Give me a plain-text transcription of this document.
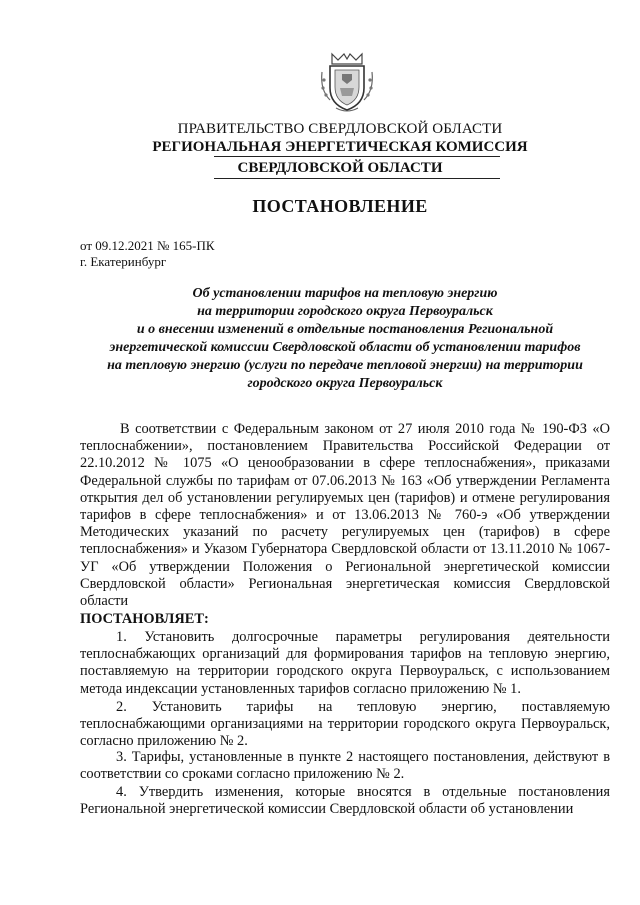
ПРАВИТЕЛЬСТВО СВЕРДЛОВСКОЙ ОБЛАСТИ
РЕГИОНАЛЬНАЯ ЭНЕРГЕТИЧЕСКАЯ КОМИССИЯ
СВЕРДЛОВСКОЙ ОБЛАСТИ
ПОСТАНОВЛЕНИЕ
от 09.12.2021 № 165-ПК
г. Екатеринбург
Об установлении тарифов на тепловую энергию
на территории городского округа Первоуральск
и о внесении изменений в отдельные постановления Региональной
энергетической комиссии Свердловской области об установлении тарифов
на тепловую энергию (услуги по передаче тепловой энергии) на территории
городского округа Первоуральск
В соответствии с Федеральным законом от 27 июля 2010 года № 190-ФЗ «О теплоснабжении», постановлением Правительства Российской Федерации от 22.10.2012 № 1075 «О ценообразовании в сфере теплоснабжения», приказами Федеральной службы по тарифам от 07.06.2013 № 163 «Об утверждении Регламента открытия дел об установлении регулируемых цен (тарифов) и отмене регулирования тарифов в сфере теплоснабжения» и от 13.06.2013 № 760-э «Об утверждении Методических указаний по расчету регулируемых цен (тарифов) в сфере теплоснабжения» и Указом Губернатора Свердловской области от 13.11.2010 № 1067-УГ «Об утверждении Положения о Региональной энергетической комиссии Свердловской области» Региональная энергетическая комиссия Свердловской области
ПОСТАНОВЛЯЕТ:
1. Установить долгосрочные параметры регулирования деятельности теплоснабжающих организаций для формирования тарифов на тепловую энергию, поставляемую на территории городского округа Первоуральск, с использованием метода индексации установленных тарифов согласно приложению № 1.
2. Установить тарифы на тепловую энергию, поставляемую теплоснабжающими организациями на территории городского округа Первоуральск, согласно приложению № 2.
3. Тарифы, установленные в пункте 2 настоящего постановления, действуют в соответствии со сроками согласно приложению № 2.
4. Утвердить изменения, которые вносятся в отдельные постановления Региональной энергетической комиссии Свердловской области об установлении
